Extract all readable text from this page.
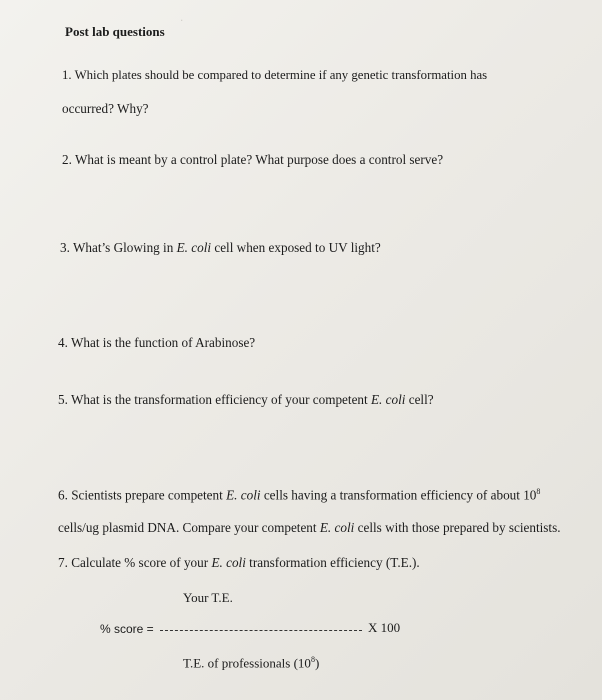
.
Post lab questions
1. Which plates should be compared to determine if any genetic transformation has
occurred? Why?
2. What is meant by a control plate? What purpose does a control serve?
3. What’s Glowing in E. coli cell when exposed to UV light?
4. What is the function of Arabinose?
5. What is the transformation efficiency of your competent E. coli cell?
6. Scientists prepare competent E. coli cells having a transformation efficiency of about $10^8$
cells/ug plasmid DNA. Compare your competent E. coli cells with those prepared by scientists.
7. Calculate % score of your E. coli transformation efficiency (T.E.).
Your T.E.
% score =	X 100
T.E. of professionals $(10^8)$
